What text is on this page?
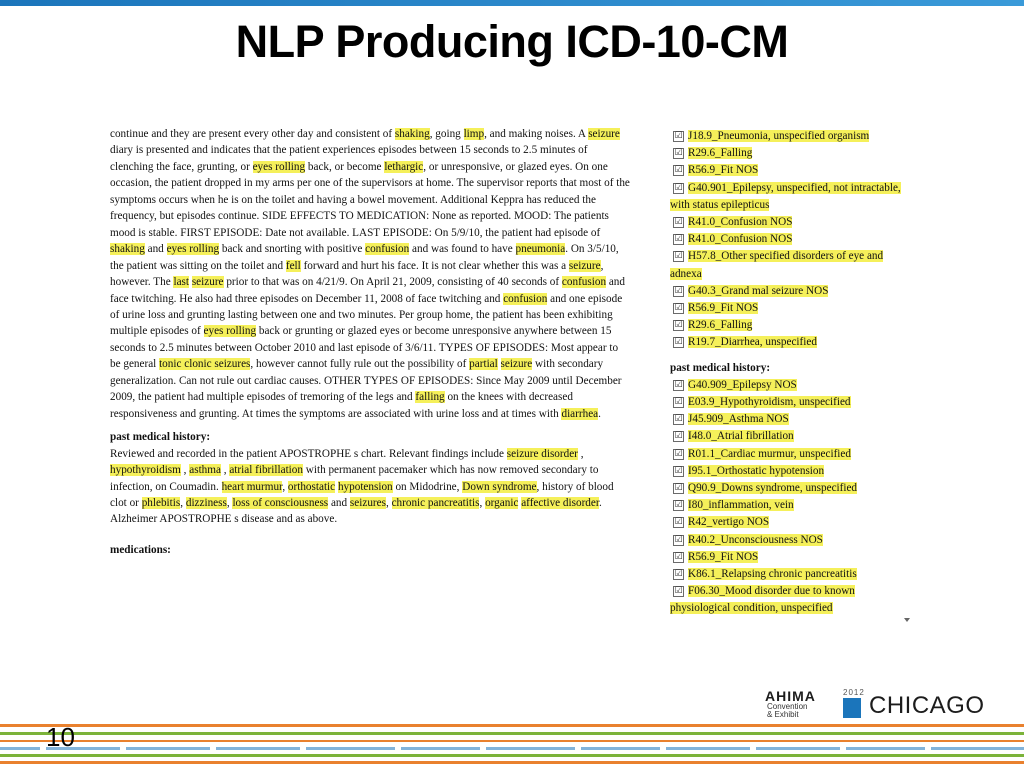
NLP Producing ICD-10-CM

continue and they are present every other day and consistent of shaking, going limp, and making noises. A seizure diary is presented and indicates that the patient experiences episodes between 15 seconds to 2.5 minutes of clenching the face, grunting, or eyes rolling back, or become lethargic, or unresponsive, or glazed eyes. On one occasion, the patient dropped in my arms per one of the supervisors at home. The supervisor reports that most of the symptoms occurs when he is on the toilet and having a bowel movement. Additional Keppra has reduced the frequency, but episodes continue. SIDE EFFECTS TO MEDICATION: None as reported. MOOD: The patients mood is stable. FIRST EPISODE: Date not available. LAST EPISODE: On 5/9/10, the patient had episode of shaking and eyes rolling back and snorting with positive confusion and was found to have pneumonia. On 3/5/10, the patient was sitting on the toilet and fell forward and hurt his face. It is not clear whether this was a seizure, however. The last seizure prior to that was on 4/21/9. On April 21, 2009, consisting of 40 seconds of confusion and face twitching. He also had three episodes on December 11, 2008 of face twitching and confusion and one episode of urine loss and grunting lasting between one and two minutes. Per group home, the patient has been exhibiting multiple episodes of eyes rolling back or grunting or glazed eyes or become unresponsive anywhere between 15 seconds to 2.5 minutes between October 2010 and last episode of 3/6/11. TYPES OF EPISODES: Most appear to be general tonic clonic seizures, however cannot fully rule out the possibility of partial seizure with secondary generalization. Can not rule out cardiac causes. OTHER TYPES OF EPISODES: Since May 2009 until December 2009, the patient had multiple episodes of tremoring of the legs and falling on the knees with decreased responsiveness and grunting. At times the symptoms are associated with urine loss and at times with diarrhea.

past medical history:

Reviewed and recorded in the patient APOSTROPHE s chart. Relevant findings include seizure disorder , hypothyroidism , asthma , atrial fibrillation with permanent pacemaker which has now removed secondary to infection, on Coumadin. heart murmur, orthostatic hypotension on Midodrine, Down syndrome, history of blood clot or phlebitis, dizziness, loss of consciousness and seizures, chronic pancreatitis, organic affective disorder. Alzheimer APOSTROPHE s disease and as above.

medications:

☑ J18.9_Pneumonia, unspecified organism
☑ R29.6_Falling
☑ R56.9_Fit NOS
☑ G40.901_Epilepsy, unspecified, not intractable, with status epilepticus
☑ R41.0_Confusion NOS
☑ R41.0_Confusion NOS
☑ H57.8_Other specified disorders of eye and adnexa
☑ G40.3_Grand mal seizure NOS
☑ R56.9_Fit NOS
☑ R29.6_Falling
☑ R19.7_Diarrhea, unspecified
past medical history:
☑ G40.909_Epilepsy NOS
☑ E03.9_Hypothyroidism, unspecified
☑ J45.909_Asthma NOS
☑ I48.0_Atrial fibrillation
☑ R01.1_Cardiac murmur, unspecified
☑ I95.1_Orthostatic hypotension
☑ Q90.9_Downs syndrome, unspecified
☑ I80_inflammation, vein
☑ R42_vertigo NOS
☑ R40.2_Unconsciousness NOS
☑ R56.9_Fit NOS
☑ K86.1_Relapsing chronic pancreatitis
☑ F06.30_Mood disorder due to known physiological condition, unspecified
10
AHIMA
Convention
& Exhibit
2012 CHICAGO
